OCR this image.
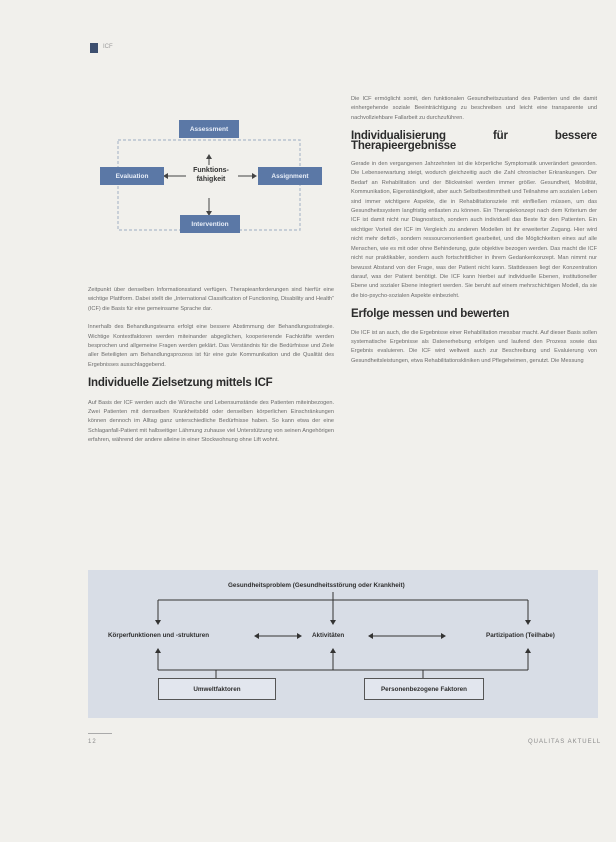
ICF
Assessment
Evaluation	Assignment
Intervention
Funktions-
fähigkeit

Zeitpunkt über denselben Informationsstand verfügen. Therapieanforderungen sind hierfür eine wichtige Plattform. Dabei stellt die „International Classification of Functioning, Disability and Health“ (ICF) die Basis für eine gemeinsame Sprache dar.

Innerhalb des Behandlungsteams erfolgt eine bessere Abstimmung der Behandlungsstrategie. Wichtige Kontextfaktoren werden miteinander abgeglichen, kooperierende Fachkräfte werden besprochen und allgemeine Fragen werden geklärt. Das Verständnis für die Bedürfnisse und Ziele aller Beteiligten am Behandlungsprozess ist für eine gute Kommunikation und die Qualität des Ergebnisses ausschlaggebend.

Individuelle Zielsetzung mittels ICF

Auf Basis der ICF werden auch die Wünsche und Lebensumstände des Patienten miteinbezogen. Zwei Patienten mit demselben Krankheitsbild oder denselben körperlichen Einschränkungen können dennoch im Alltag ganz unterschiedliche Bedürfnisse haben. So kann etwa der eine Schlaganfall-Patient mit halbseitiger Lähmung zuhause viel Unterstützung von seinen Angehörigen erfahren, während der andere alleine in einer Stockwohnung ohne Lift wohnt.

Die ICF ermöglicht somit, den funktionalen Gesundheitszustand des Patienten und die damit einhergehende soziale Beeinträchtigung zu beschreiben und leicht eine transparente und nachvollziehbare Fallarbeit zu durchzuführen.

Individualisierung für bessere Therapieergebnisse

Gerade in den vergangenen Jahrzehnten ist die körperliche Symptomatik unverändert geworden. Die Lebenserwartung steigt, wodurch gleichzeitig auch die Zahl chronischer Erkrankungen. Der Bedarf an Rehabilitation und der Blickwinkel werden immer größer. Gesundheit, Mobilität, Kommunikation, Eigenständigkeit, aber auch Selbstbestimmtheit und Teilnahme am sozialen Leben sind immer wichtigere Aspekte, die in Rehabilitationsziele mit einfließen müssen, um das Gesundheitssystem langfristig entlasten zu können. Ein Therapiekonzept nach dem Kriterium der ICF ist damit nicht nur Diagnostisch, sondern auch individuell das Beste für den Patienten. Ein wichtiger Vorteil der ICF im Vergleich zu anderen Modellen ist ihr erweiterter Zugang. Hier wird nicht mehr defizit-, sondern ressourcenorientiert gearbeitet, und die Möglichkeiten eines auf alle Menschen, wie es mit oder ohne Behinderung, gute objektive bezogen werden. Das macht die ICF nicht nur praktikabler, sondern auch fortschrittlicher in ihrem Gedankenkonzept. Man nimmt nur bewusst Abstand von der Frage, was der Patient nicht kann. Stattdessen liegt der Konzentration darauf, was der Patient benötigt. Die ICF kann hierbei auf individuelle Ebenen, institutioneller Ebene und sozialer Ebene integriert werden. Sie beruht auf einem mehrschichtigen Modell, da sie die bio-psycho-sozialen Aspekte einbezieht.

Erfolge messen und bewerten

Die ICF ist an auch, die die Ergebnisse einer Rehabilitation messbar macht. Auf dieser Basis sollen systematische Ergebnisse als Datenerhebung erfolgen und laufend den Prozess sowie das Ergebnis evaluieren. Die ICF wird weltweit auch zur Beschreibung und Evaluierung von Gesundheitsleistungen, etwa Rehabilitationskliniken und Pflegeheimen, genutzt. Die Messung

Gesundheitsproblem (Gesundheitsstörung oder Krankheit)
Körperfunktionen und -strukturen	Aktivitäten	Partizipation (Teilhabe)
Umweltfaktoren	Personenbezogene Faktoren
12	QUALITAS AKTUELL
